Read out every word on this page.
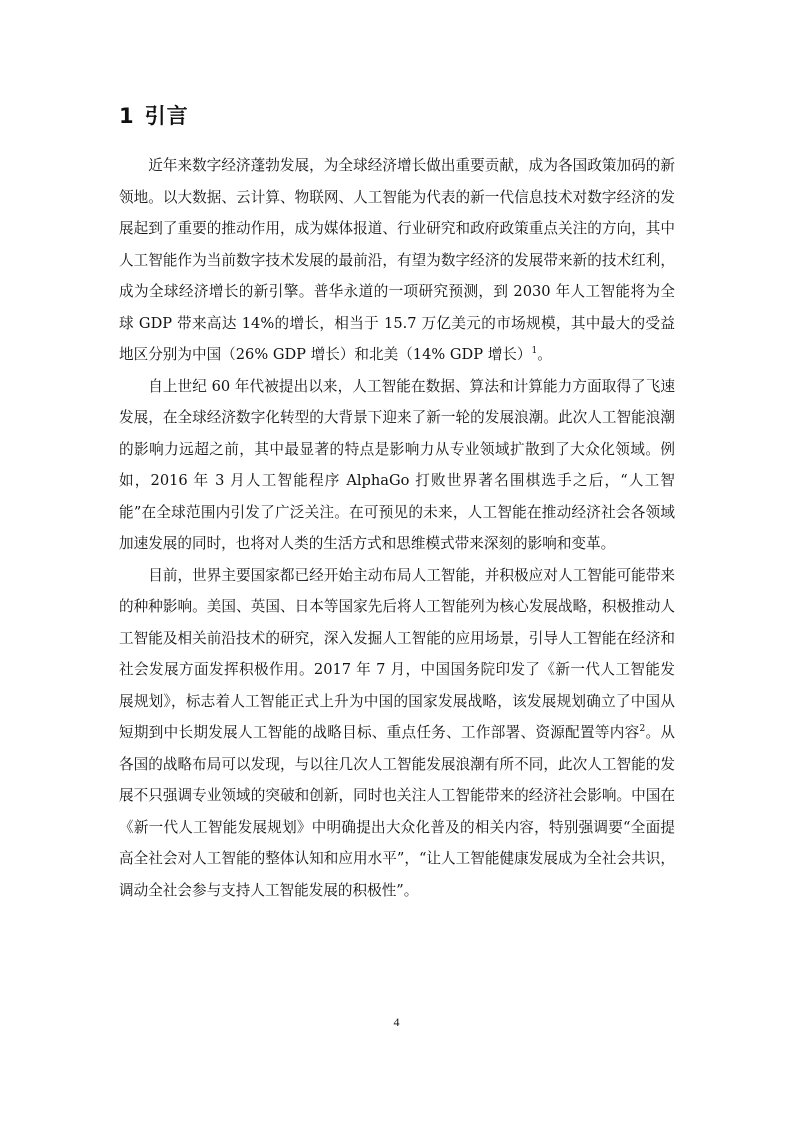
1 引言

近年来数字经济蓬勃发展，为全球经济增长做出重要贡献，成为各国政策加码的新领地。以大数据、云计算、物联网、人工智能为代表的新一代信息技术对数字经济的发展起到了重要的推动作用，成为媒体报道、行业研究和政府政策重点关注的方向，其中人工智能作为当前数字技术发展的最前沿，有望为数字经济的发展带来新的技术红利，成为全球经济增长的新引擎。普华永道的一项研究预测，到 2030 年人工智能将为全球 GDP 带来高达 14%的增长，相当于 15.7 万亿美元的市场规模，其中最大的受益地区分别为中国（26% GDP 增长）和北美（14% GDP 增长）$^1$。

自上世纪 60 年代被提出以来，人工智能在数据、算法和计算能力方面取得了飞速发展，在全球经济数字化转型的大背景下迎来了新一轮的发展浪潮。此次人工智能浪潮的影响力远超之前，其中最显著的特点是影响力从专业领域扩散到了大众化领域。例如，2016 年 3 月人工智能程序 AlphaGo 打败世界著名围棋选手之后，“人工智能”在全球范围内引发了广泛关注。在可预见的未来，人工智能在推动经济社会各领域加速发展的同时，也将对人类的生活方式和思维模式带来深刻的影响和变革。

目前，世界主要国家都已经开始主动布局人工智能，并积极应对人工智能可能带来的种种影响。美国、英国、日本等国家先后将人工智能列为核心发展战略，积极推动人工智能及相关前沿技术的研究，深入发掘人工智能的应用场景，引导人工智能在经济和社会发展方面发挥积极作用。2017 年 7 月，中国国务院印发了《新一代人工智能发展规划》，标志着人工智能正式上升为中国的国家发展战略，该发展规划确立了中国从短期到中长期发展人工智能的战略目标、重点任务、工作部署、资源配置等内容$^2$。从各国的战略布局可以发现，与以往几次人工智能发展浪潮有所不同，此次人工智能的发展不只强调专业领域的突破和创新，同时也关注人工智能带来的经济社会影响。中国在《新一代人工智能发展规划》中明确提出大众化普及的相关内容，特别强调要“全面提高全社会对人工智能的整体认知和应用水平”，“让人工智能健康发展成为全社会共识，调动全社会参与支持人工智能发展的积极性”。

4
